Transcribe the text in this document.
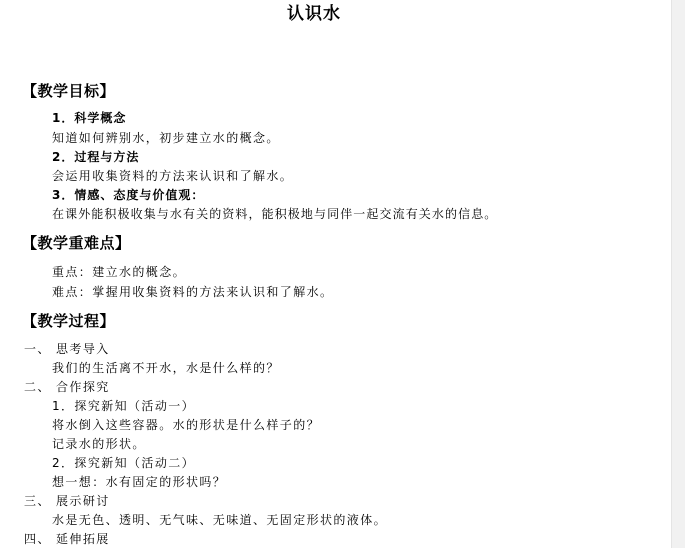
认识水
【教学目标】
1．科学概念
知道如何辨别水，初步建立水的概念。
2．过程与方法
会运用收集资料的方法来认识和了解水。
3．情感、态度与价值观：
在课外能积极收集与水有关的资料，能积极地与同伴一起交流有关水的信息。
【教学重难点】
重点：建立水的概念。
难点：掌握用收集资料的方法来认识和了解水。
【教学过程】
一、 思考导入
我们的生活离不开水，水是什么样的？
二、 合作探究
1．探究新知（活动一）
将水倒入这些容器。水的形状是什么样子的？
记录水的形状。
2．探究新知（活动二）
想一想：水有固定的形状吗？
三、 展示研讨
水是无色、透明、无气味、无味道、无固定形状的液体。
四、 延伸拓展
